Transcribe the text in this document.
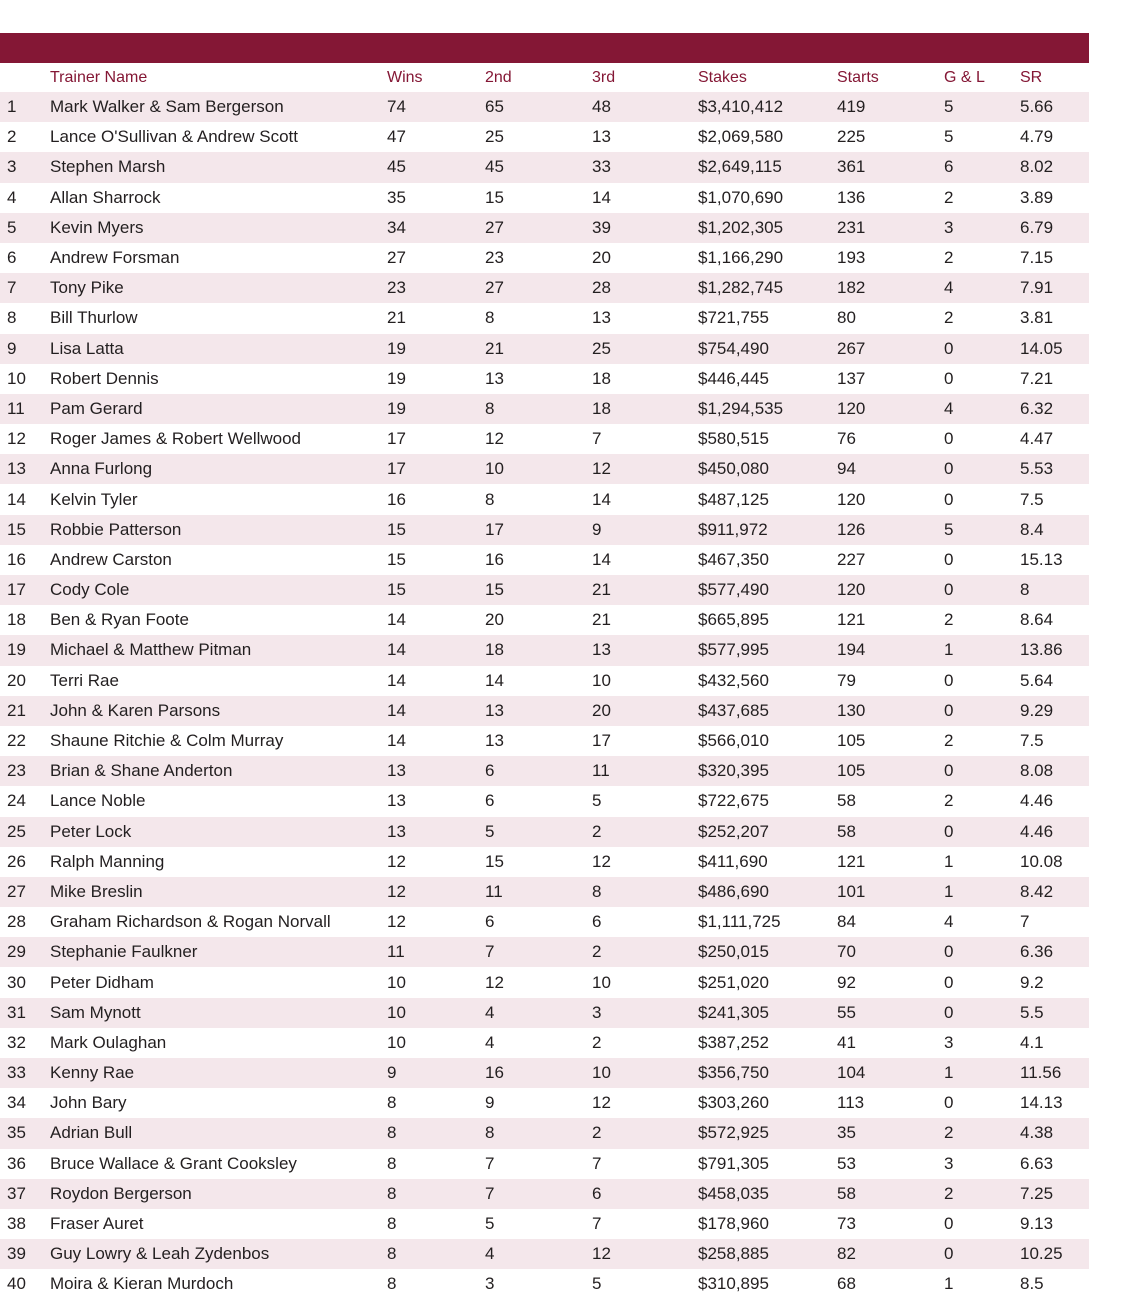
	Trainer Name	Wins	2nd	3rd	Stakes	Starts	G & L	SR
1	Mark Walker & Sam Bergerson	74	65	48	$3,410,412	419	5	5.66
2	Lance O'Sullivan & Andrew Scott	47	25	13	$2,069,580	225	5	4.79
3	Stephen Marsh	45	45	33	$2,649,115	361	6	8.02
4	Allan Sharrock	35	15	14	$1,070,690	136	2	3.89
5	Kevin Myers	34	27	39	$1,202,305	231	3	6.79
6	Andrew Forsman	27	23	20	$1,166,290	193	2	7.15
7	Tony Pike	23	27	28	$1,282,745	182	4	7.91
8	Bill Thurlow	21	8	13	$721,755	80	2	3.81
9	Lisa Latta	19	21	25	$754,490	267	0	14.05
10	Robert Dennis	19	13	18	$446,445	137	0	7.21
11	Pam Gerard	19	8	18	$1,294,535	120	4	6.32
12	Roger James & Robert Wellwood	17	12	7	$580,515	76	0	4.47
13	Anna Furlong	17	10	12	$450,080	94	0	5.53
14	Kelvin Tyler	16	8	14	$487,125	120	0	7.5
15	Robbie Patterson	15	17	9	$911,972	126	5	8.4
16	Andrew Carston	15	16	14	$467,350	227	0	15.13
17	Cody Cole	15	15	21	$577,490	120	0	8
18	Ben & Ryan Foote	14	20	21	$665,895	121	2	8.64
19	Michael & Matthew Pitman	14	18	13	$577,995	194	1	13.86
20	Terri Rae	14	14	10	$432,560	79	0	5.64
21	John & Karen Parsons	14	13	20	$437,685	130	0	9.29
22	Shaune Ritchie & Colm Murray	14	13	17	$566,010	105	2	7.5
23	Brian & Shane Anderton	13	6	11	$320,395	105	0	8.08
24	Lance Noble	13	6	5	$722,675	58	2	4.46
25	Peter Lock	13	5	2	$252,207	58	0	4.46
26	Ralph Manning	12	15	12	$411,690	121	1	10.08
27	Mike Breslin	12	11	8	$486,690	101	1	8.42
28	Graham Richardson & Rogan Norvall	12	6	6	$1,111,725	84	4	7
29	Stephanie Faulkner	11	7	2	$250,015	70	0	6.36
30	Peter Didham	10	12	10	$251,020	92	0	9.2
31	Sam Mynott	10	4	3	$241,305	55	0	5.5
32	Mark Oulaghan	10	4	2	$387,252	41	3	4.1
33	Kenny Rae	9	16	10	$356,750	104	1	11.56
34	John Bary	8	9	12	$303,260	113	0	14.13
35	Adrian Bull	8	8	2	$572,925	35	2	4.38
36	Bruce Wallace & Grant Cooksley	8	7	7	$791,305	53	3	6.63
37	Roydon Bergerson	8	7	6	$458,035	58	2	7.25
38	Fraser Auret	8	5	7	$178,960	73	0	9.13
39	Guy Lowry & Leah Zydenbos	8	4	12	$258,885	82	0	10.25
40	Moira & Kieran Murdoch	8	3	5	$310,895	68	1	8.5
